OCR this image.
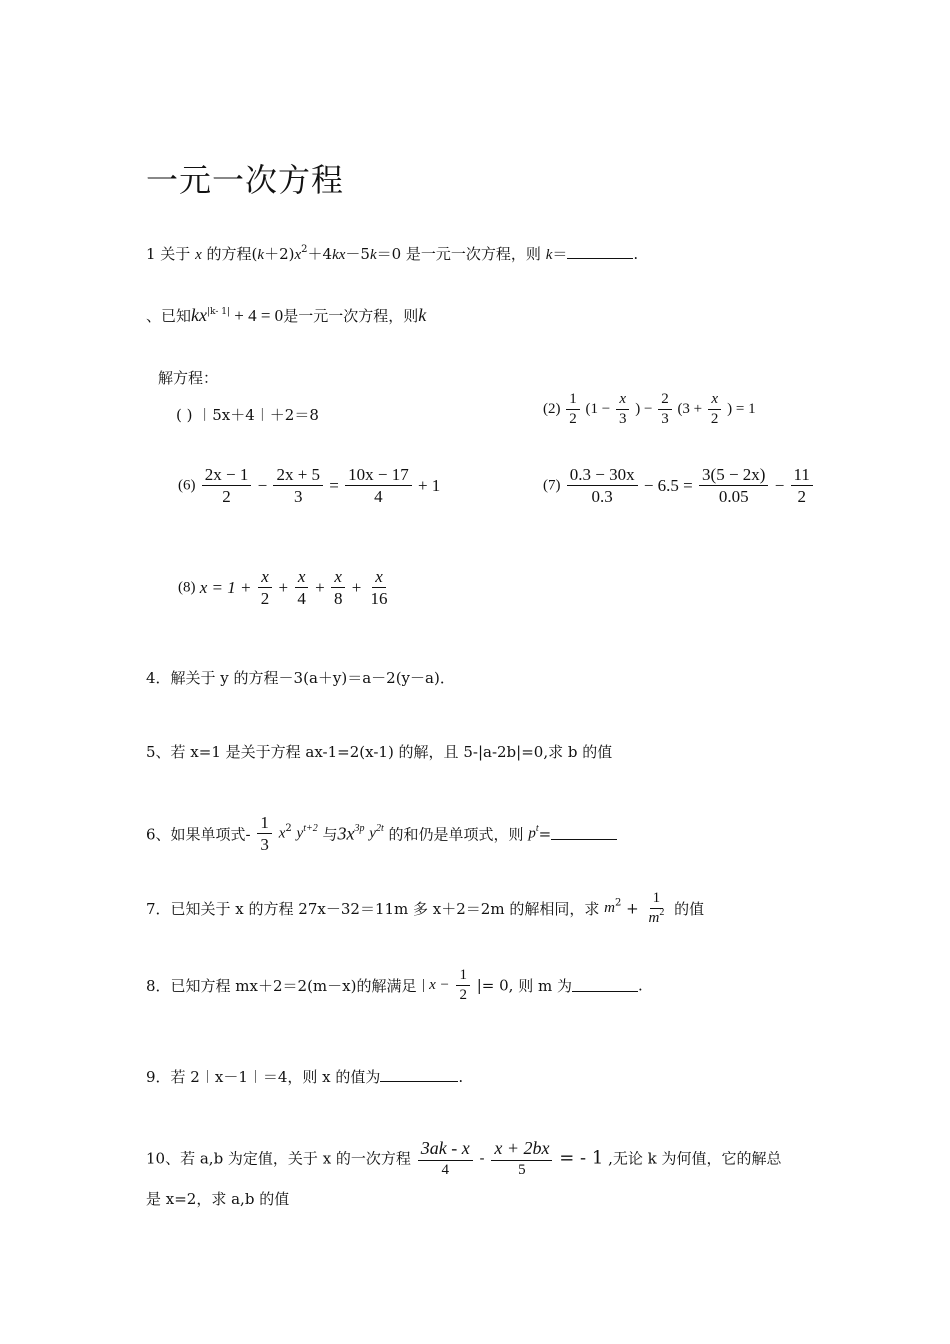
一元一次方程
1 关于 x 的方程$(k+2)x^2+4kx-5k=0$ 是一元一次方程，则 k＝	.
、已知$kx^{|k- 1|} + 4 = 0$是一元一次方程，则k
解方程：
( ) ︱5x＋4︱＋2＝8	$(2) \frac{1}{2} (1 - \frac{x}{3}$ ) − $\frac{2}{3} (3 + \frac{x}{2}$ ) = 1
$(6) \frac{2x - 1}{2} - \frac{2x + 5}{3} = \frac{10x - 17}{4} + 1$	$(7) \frac{0.3 - 30x}{0.3} - 6.5 = \frac{3(5 - 2x)}{0.05} - \frac{11}{2}$
(8) $x = 1 + \frac{x}{2} + \frac{x}{4} + \frac{x}{8} + \frac{x}{16}$
4．解关于 y 的方程－3(a＋y)＝a－2(y－a)．
5、若 x=1 是关于方程 ax-1=2(x-1) 的解，且 5-|a-2b|=0,求 b 的值
6、如果单项式- $\frac{1}{3} x^2$ $y^{t+2}$ 与$3x^{3p}$ $y^{2t}$ 的和仍是单项式，则 $p^t=$
7．已知关于 x 的方程 27x－32＝11m 多 x＋2＝2m 的解相同，求 $m^2 + \frac{1}{m^2}$ 的值
8．已知方程 mx＋2＝2(m－x)的解满足 | $x - \frac{1}{2}$ |= 0, 则 m 为	.
9．若 2︱x－1︱＝4，则 x 的值为	.
10、若 a,b 为定值，关于 x 的一次方程 $\frac{3ak - x}{4} - \frac{x + 2bx}{5}$ = - 1 ,无论 k 为何值，它的解总
是 x=2，求 a,b 的值
